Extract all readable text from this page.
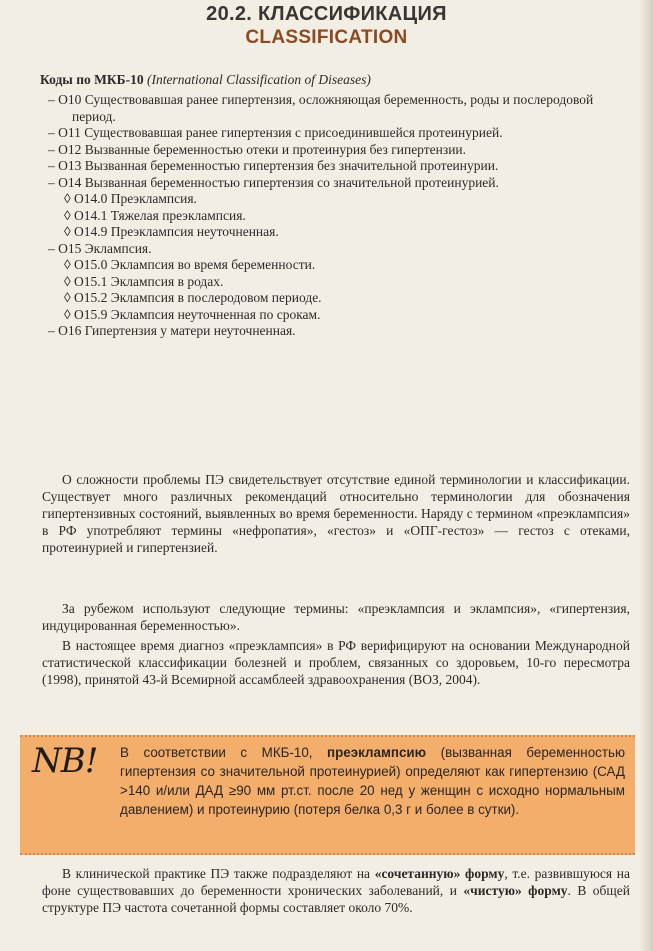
20.2. КЛАССИФИКАЦИЯ
CLASSIFICATION
Коды по МКБ-10 (International Classification of Diseases)
– O10 Существовавшая ранее гипертензия, осложняющая беременность, роды и послеродовой период.
– O11 Существовавшая ранее гипертензия с присоединившейся протеинурией.
– O12 Вызванные беременностью отеки и протеинурия без гипертензии.
– O13 Вызванная беременностью гипертензия без значительной протеинурии.
– O14 Вызванная беременностью гипертензия со значительной протеинурией.
◊ O14.0 Преэклампсия.
◊ O14.1 Тяжелая преэклампсия.
◊ O14.9 Преэклампсия неуточненная.
– O15 Эклампсия.
◊ O15.0 Эклампсия во время беременности.
◊ O15.1 Эклампсия в родах.
◊ O15.2 Эклампсия в послеродовом периоде.
◊ O15.9 Эклампсия неуточненная по срокам.
– O16 Гипертензия у матери неуточненная.
О сложности проблемы ПЭ свидетельствует отсутствие единой терминологии и классификации. Существует много различных рекомендаций относительно терминологии для обозначения гипертензивных состояний, выявленных во время беременности. Наряду с термином «преэклампсия» в РФ употребляют термины «нефропатия», «гестоз» и «ОПГ-гестоз» — гестоз с отеками, протеинурией и гипертензией.
За рубежом используют следующие термины: «преэклампсия и эклампсия», «гипертензия, индуцированная беременностью».
В настоящее время диагноз «преэклампсия» в РФ верифицируют на основании Международной статистической классификации болезней и проблем, связанных со здоровьем, 10-го пересмотра (1998), принятой 43-й Всемирной ассамблеей здравоохранения (ВОЗ, 2004).
NB! В соответствии с МКБ-10, преэклампсию (вызванная беременностью гипертензия со значительной протеинурией) определяют как гипертензию (САД >140 и/или ДАД ≥90 мм рт.ст. после 20 нед у женщин с исходно нормальным давлением) и протеинурию (потеря белка 0,3 г и более в сутки).
В клинической практике ПЭ также подразделяют на «сочетанную» форму, т.е. развившуюся на фоне существовавших до беременности хронических заболеваний, и «чистую» форму. В общей структуре ПЭ частота сочетанной формы составляет около 70%.
